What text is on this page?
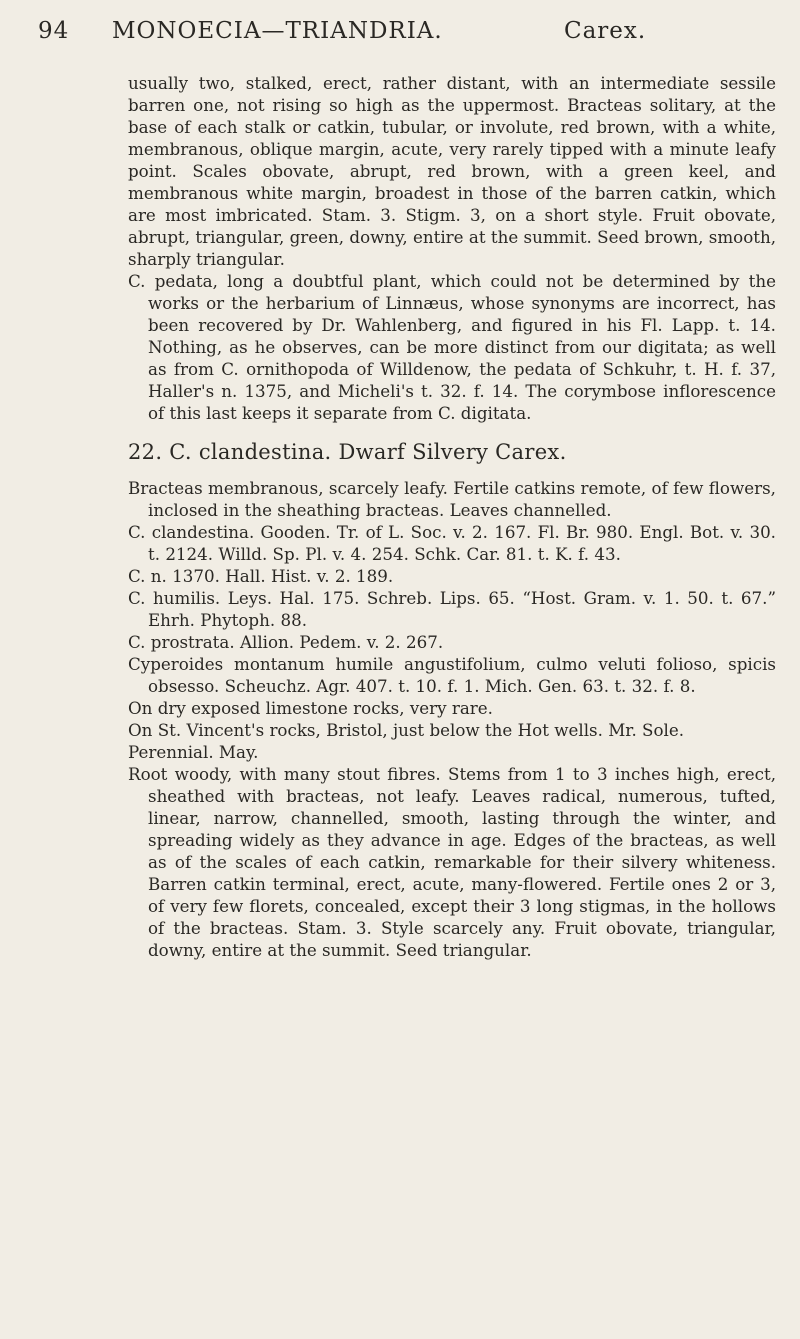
94 MONOECIA—TRIANDRIA.	Carex.

usually two, stalked, erect, rather distant, with an intermediate sessile barren one, not rising so high as the uppermost. Bracteas solitary, at the base of each stalk or catkin, tubular, or involute, red brown, with a white, membranous, oblique margin, acute, very rarely tipped with a minute leafy point. Scales obovate, abrupt, red brown, with a green keel, and membranous white margin, broadest in those of the barren catkin, which are most imbricated. Stam. 3. Stigm. 3, on a short style. Fruit obovate, abrupt, triangular, green, downy, entire at the summit. Seed brown, smooth, sharply triangular.

C. pedata, long a doubtful plant, which could not be determined by the works or the herbarium of Linnæus, whose synonyms are incorrect, has been recovered by Dr. Wahlenberg, and figured in his Fl. Lapp. t. 14. Nothing, as he observes, can be more distinct from our digitata; as well as from C. ornithopoda of Willdenow, the pedata of Schkuhr, t. H. f. 37, Haller's n. 1375, and Micheli's t. 32. f. 14. The corymbose inflorescence of this last keeps it separate from C. digitata.

22. C. clandestina. Dwarf Silvery Carex.

Bracteas membranous, scarcely leafy. Fertile catkins remote, of few flowers, inclosed in the sheathing bracteas. Leaves channelled.

C. clandestina. Gooden. Tr. of L. Soc. v. 2. 167. Fl. Br. 980. Engl. Bot. v. 30. t. 2124. Willd. Sp. Pl. v. 4. 254. Schk. Car. 81. t. K. f. 43.

C. n. 1370. Hall. Hist. v. 2. 189.

C. humilis. Leys. Hal. 175. Schreb. Lips. 65. “Host. Gram. v. 1. 50. t. 67.” Ehrh. Phytoph. 88.

C. prostrata. Allion. Pedem. v. 2. 267.

Cyperoides montanum humile angustifolium, culmo veluti folioso, spicis obsesso. Scheuchz. Agr. 407. t. 10. f. 1. Mich. Gen. 63. t. 32. f. 8.

On dry exposed limestone rocks, very rare.

On St. Vincent's rocks, Bristol, just below the Hot wells. Mr. Sole.

Perennial. May.

Root woody, with many stout fibres. Stems from 1 to 3 inches high, erect, sheathed with bracteas, not leafy. Leaves radical, numerous, tufted, linear, narrow, channelled, smooth, lasting through the winter, and spreading widely as they advance in age. Edges of the bracteas, as well as of the scales of each catkin, remarkable for their silvery whiteness. Barren catkin terminal, erect, acute, many-flowered. Fertile ones 2 or 3, of very few florets, concealed, except their 3 long stigmas, in the hollows of the bracteas. Stam. 3. Style scarcely any. Fruit obovate, triangular, downy, entire at the summit. Seed triangular.
